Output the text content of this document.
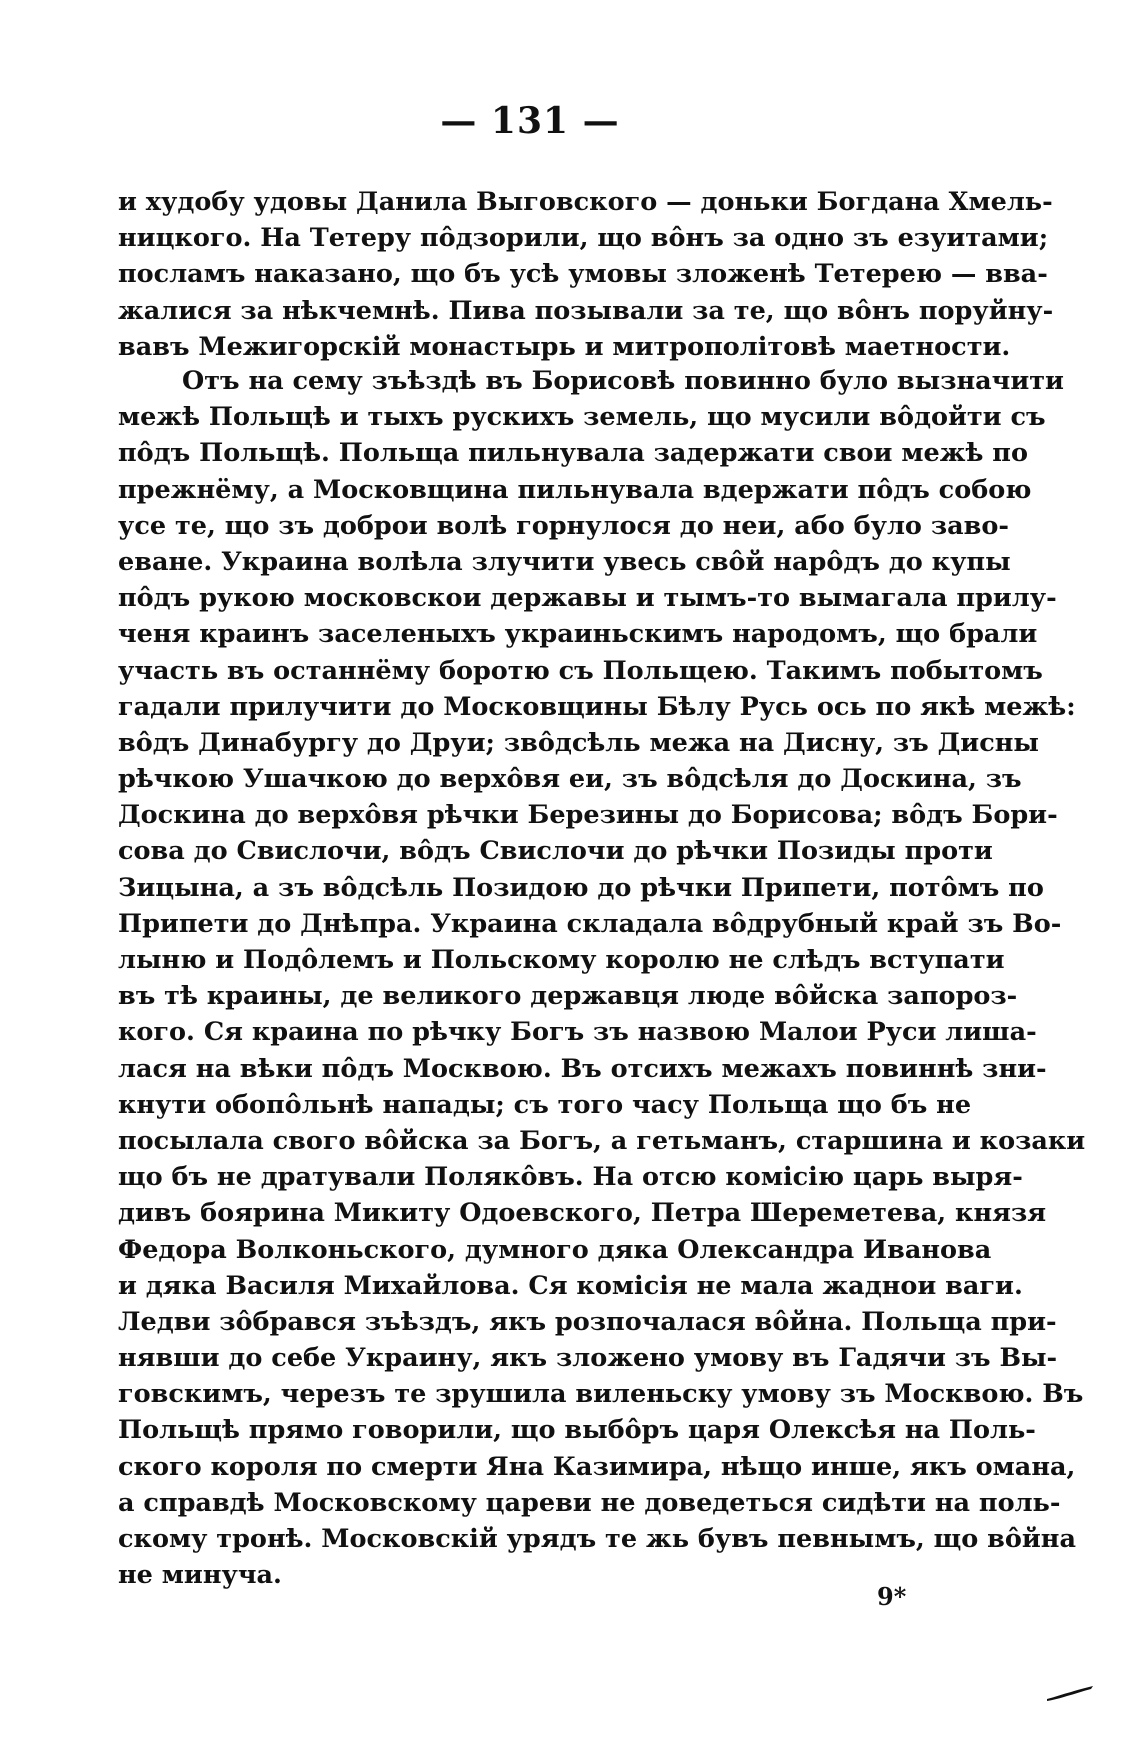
— 131 —
и худобу удовы Данила Выговского — доньки Богдана Хмель-
ницкого. На Тетеру пôдзорили, що вôнъ за одно зъ езуитами;
посламъ наказано, що бъ усѣ умовы зложенѣ Тетерею — вва-
жалися за нѣкчемнѣ. Пива позывали за те, що вôнъ поруйну-
вавъ Межигорскій монастырь и митрополітовѣ маетности.
Отъ на сему зъѣздѣ въ Борисовѣ повинно було вызначити
межѣ Польщѣ и тыхъ рускихъ земель, що мусили вôдойти съ
пôдъ Польщѣ. Польща пильнувала задержати свои межѣ по
прежнёму, а Московщина пильнувала вдержати пôдъ собою
усе те, що зъ доброи волѣ горнулося до неи, або було заво-
еване. Украина волѣла злучити увесь свôй нарôдъ до купы
пôдъ рукою московскои державы и тымъ-то вымагала прилу-
ченя краинъ заселеныхъ украиньскимъ народомъ, що брали
участь въ останнёму боротю съ Польщею. Такимъ побытомъ
гадали прилучити до Московщины Бѣлу Русь ось по якѣ межѣ:
вôдъ Динабургу до Друи; звôдсѣль межа на Дисну, зъ Дисны
рѣчкою Ушачкою до верхôвя еи, зъ вôдсѣля до Доскина, зъ
Доскина до верхôвя рѣчки Березины до Борисова; вôдъ Бори-
сова до Свислочи, вôдъ Свислочи до рѣчки Позиды проти
Зицына, а зъ вôдсѣль Позидою до рѣчки Припети, потôмъ по
Припети до Днѣпра. Украина складала вôдрубный край зъ Во-
лыню и Подôлемъ и Польскому королю не слѣдъ вступати
въ тѣ краины, де великого державця люде вôйска запороз-
кого. Ся краина по рѣчку Богъ зъ назвою Малои Руси лиша-
лася на вѣки пôдъ Москвою. Въ отсихъ межахъ повиннѣ зни-
кнути обопôльнѣ напады; съ того часу Польща що бъ не
посылала свого вôйска за Богъ, а гетьманъ, старшина и козаки
що бъ не дратували Полякôвъ. На отсю комісію царь выря-
дивъ боярина Микиту Одоевского, Петра Шереметева, князя
Федора Волконьского, думного дяка Олександра Иванова
и дяка Василя Михайлова. Ся комісія не мала жаднои ваги.
Ледви зôбрався зъѣздъ, якъ розпочалася вôйна. Польща при-
нявши до себе Украину, якъ зложено умову въ Гадячи зъ Вы-
говскимъ, черезъ те зрушила виленьску умову зъ Москвою. Въ
Польщѣ прямо говорили, що выбôръ царя Олексѣя на Поль-
ского короля по смерти Яна Казимира, нѣщо инше, якъ омана,
а справдѣ Московскому цареви не доведеться сидѣти на поль-
скому тронѣ. Московскій урядъ те жь бувъ певнымъ, що вôйна
не минуча.
9*
